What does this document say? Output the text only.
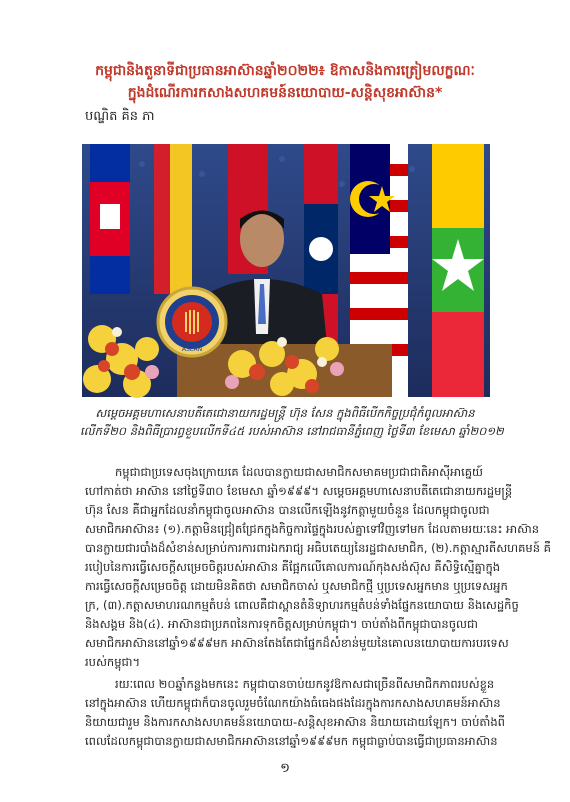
កម្ពុជានិងតួនាទីជាប្រធានអាស៊ានឆ្នាំ២០២២៖ ឱកាសនិងការត្រៀមលក្ខណៈ
ក្នុងដំណើរការកសាងសហគមន៍នយោបាយ-សន្តិសុខអាស៊ាន*
បណ្ឌិត គិន ភា
ASEAN
សម្តេចអគ្គមហាសេនាបតីតេជោនាយករដ្ឋមន្ត្រី ហ៊ុន សែន ក្នុងពិធីបើកកិច្ចប្រជុំកំពូលអាស៊ាន
លើកទី២០ និងពិធីប្រារព្ធខួបលើកទី៤៥ របស់អាស៊ាន នៅរាជធានីភ្នំពេញ ថ្ងៃទី៣ ខែមេសា ឆ្នាំ២០១២

កម្ពុជាជាប្រទេសចុងក្រោយគេ ដែលបានក្លាយជាសមាជិកសមាគមប្រជាជាតិអាស៊ីអាគ្នេយ៍

ហៅកាត់ថា អាស៊ាន នៅថ្ងៃទី៣០ ខែមេសា ឆ្នាំ១៩៩៩។ សម្តេចអគ្គមហាសេនាបតីតេជោនាយករដ្ឋមន្ត្រី

ហ៊ុន សែន គឺជាអ្នកដែលនាំកម្ពុជាចូលអាស៊ាន បានលើកឡើងនូវកត្តាមួយចំនួន ដែលកម្ពុជាចូលជា

សមាជិកអាស៊ាន៖ (១).កត្តាមិនជ្រៀតជ្រែកក្នុងកិច្ចការផ្ទៃក្នុងរបស់គ្នាទៅវិញទៅមក ដែលតាមរយៈនេះ អាស៊ាន

បានក្លាយជារបាំងដ៏សំខាន់សម្រាប់ការការពារឯករាជ្យ អធិបតេយ្យនៃរដ្ឋជាសមាជិក, (២).កត្តាស្មារតីសហគមន៍ គឺ

របៀបនៃការធ្វើសេចក្តីសម្រេចចិត្តរបស់អាស៊ាន គឺផ្អែកលើគោលការណ៍កុងសង់ស៊ុស គឺសិទ្ធិស្មើគ្នាក្នុង

ការធ្វើសេចក្តីសម្រេចចិត្ត ដោយមិនគិតថា សមាជិកចាស់ ឬសមាជិកថ្មី ឬប្រទេសអ្នកមាន ឬប្រទេសអ្នក

ក្រ, (៣).កត្តាសមាហរណកម្មតំបន់ ពោលគឺជាស្ពានតំនិទ្យាហរកម្មតំបន់ទាំងផ្នែកនយោបាយ និងសេដ្ឋកិច្ច

និងសង្គម និង(៤). អាស៊ានជាប្រភពនៃការទុកចិត្តសម្រាប់កម្ពុជា។ ចាប់តាំងពីកម្ពុជាបានចូលជា

សមាជិកអាស៊ាននៅឆ្នាំ១៩៩៩មក អាស៊ានតែងតែជាផ្នែកដ៏សំខាន់មួយនៃគោលនយោបាយការបរទេស

របស់កម្ពុជា។

រយៈពេល ២០ឆ្នាំកន្លងមកនេះ កម្ពុជាបានចាប់យកនូវឱកាសជាច្រើនពីសមាជិកភាពរបស់ខ្លួន

នៅក្នុងអាស៊ាន ហើយកម្ពុជាក៏បានចូលរួមចំណែកយ៉ាងធំធេងផងដែរក្នុងការកសាងសហគមន៍អាស៊ាន

និយាយជារួម និងការកសាងសហគមន៍នយោបាយ-សន្តិសុខអាស៊ាន និយាយដោយឡែក។ ចាប់តាំងពី

ពេលដែលកម្ពុជាបានក្លាយជាសមាជិកអាស៊ាននៅឆ្នាំ១៩៩៩មក កម្ពុជាធ្លាប់បានធ្វើជាប្រធានអាស៊ាន

១
